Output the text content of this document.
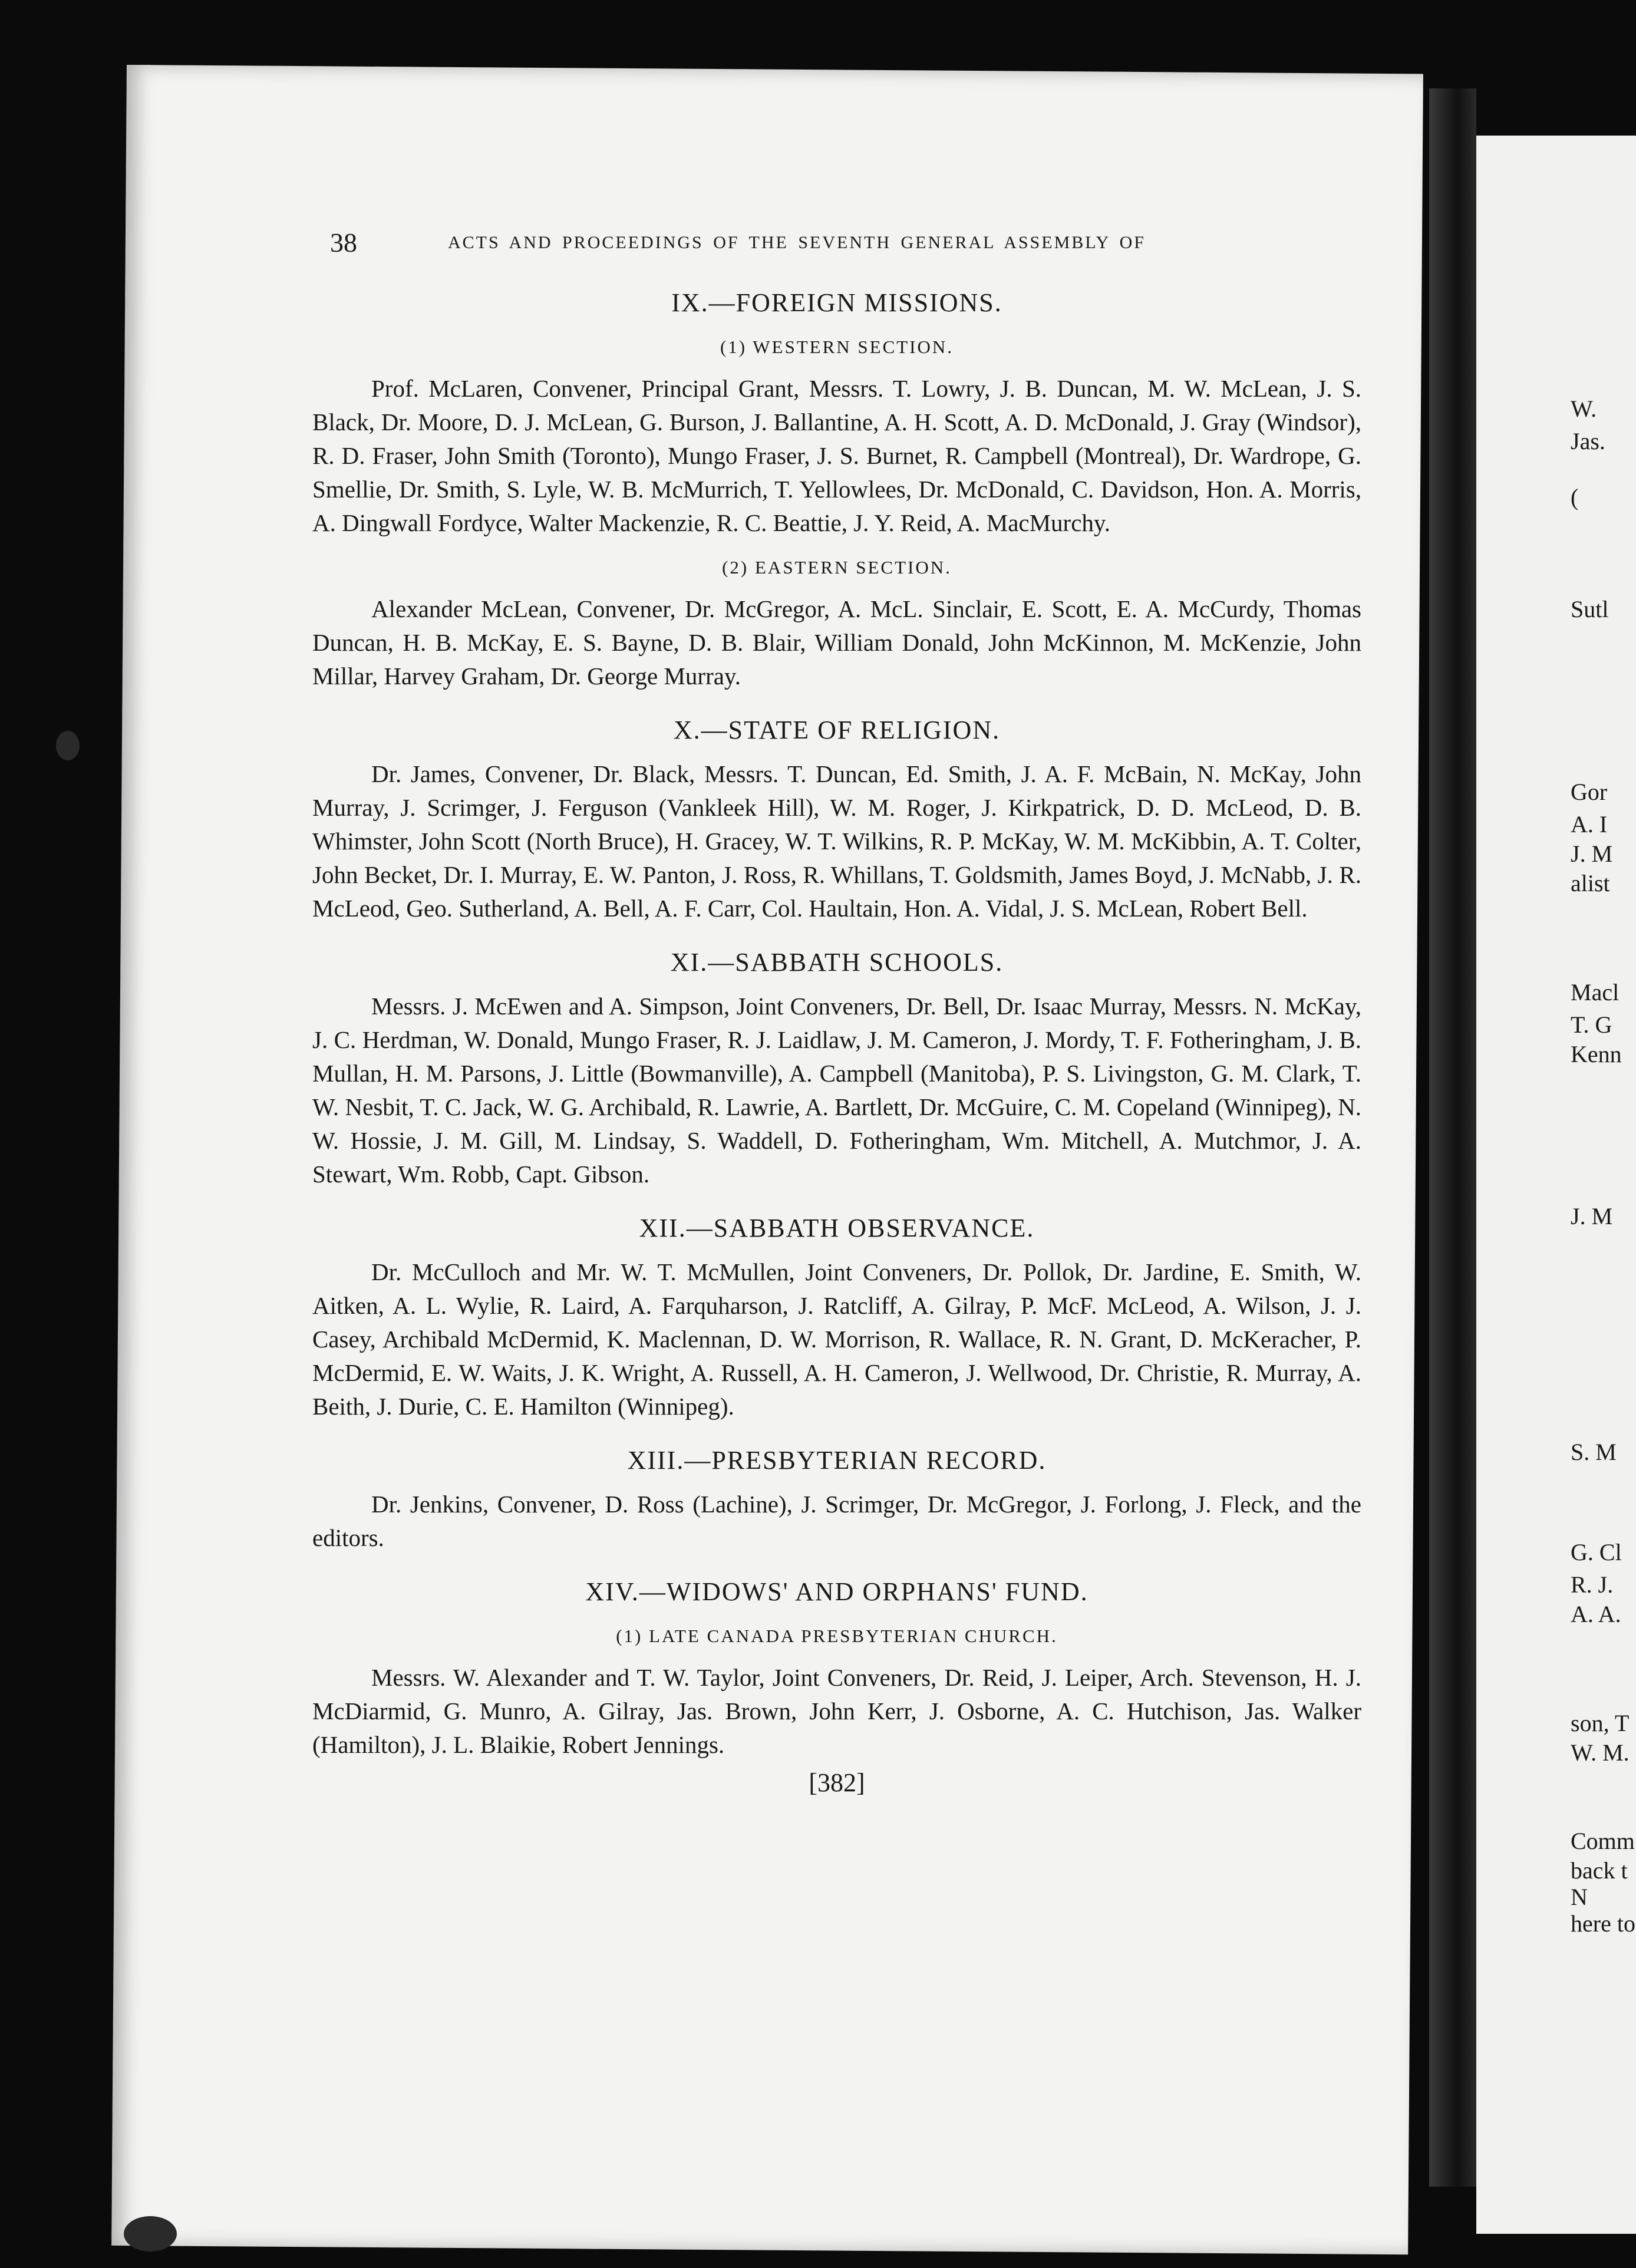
W.
Jas.
(
Sutl
Gor
A. I
J. M
alist
Macl
T. G
Kenn
J. M
S. M
G. Cl
R. J.
A. A.
son, T
W. M.
Comm
back t
N
here to
38	ACTS AND PROCEEDINGS OF THE SEVENTH GENERAL ASSEMBLY OF
IX.—FOREIGN MISSIONS.
(1) WESTERN SECTION.

Prof. McLaren, Convener, Principal Grant, Messrs. T. Lowry, J. B. Duncan, M. W. McLean, J. S. Black, Dr. Moore, D. J. McLean, G. Burson, J. Ballantine, A. H. Scott, A. D. McDonald, J. Gray (Windsor), R. D. Fraser, John Smith (Toronto), Mungo Fraser, J. S. Burnet, R. Campbell (Montreal), Dr. Wardrope, G. Smellie, Dr. Smith, S. Lyle, W. B. McMurrich, T. Yellowlees, Dr. McDonald, C. Davidson, Hon. A. Morris, A. Dingwall Fordyce, Walter Mackenzie, R. C. Beattie, J. Y. Reid, A. MacMurchy.

(2) EASTERN SECTION.

Alexander McLean, Convener, Dr. McGregor, A. McL. Sinclair, E. Scott, E. A. McCurdy, Thomas Duncan, H. B. McKay, E. S. Bayne, D. B. Blair, William Donald, John McKinnon, M. McKenzie, John Millar, Harvey Graham, Dr. George Murray.

X.—STATE OF RELIGION.

Dr. James, Convener, Dr. Black, Messrs. T. Duncan, Ed. Smith, J. A. F. McBain, N. McKay, John Murray, J. Scrimger, J. Ferguson (Vankleek Hill), W. M. Roger, J. Kirkpatrick, D. D. McLeod, D. B. Whimster, John Scott (North Bruce), H. Gracey, W. T. Wilkins, R. P. McKay, W. M. McKibbin, A. T. Colter, John Becket, Dr. I. Murray, E. W. Panton, J. Ross, R. Whillans, T. Goldsmith, James Boyd, J. McNabb, J. R. McLeod, Geo. Sutherland, A. Bell, A. F. Carr, Col. Haultain, Hon. A. Vidal, J. S. McLean, Robert Bell.

XI.—SABBATH SCHOOLS.

Messrs. J. McEwen and A. Simpson, Joint Conveners, Dr. Bell, Dr. Isaac Murray, Messrs. N. McKay, J. C. Herdman, W. Donald, Mungo Fraser, R. J. Laidlaw, J. M. Cameron, J. Mordy, T. F. Fotheringham, J. B. Mullan, H. M. Parsons, J. Little (Bowmanville), A. Campbell (Manitoba), P. S. Livingston, G. M. Clark, T. W. Nesbit, T. C. Jack, W. G. Archibald, R. Lawrie, A. Bartlett, Dr. McGuire, C. M. Copeland (Winnipeg), N. W. Hossie, J. M. Gill, M. Lindsay, S. Waddell, D. Fotheringham, Wm. Mitchell, A. Mutchmor, J. A. Stewart, Wm. Robb, Capt. Gibson.

XII.—SABBATH OBSERVANCE.

Dr. McCulloch and Mr. W. T. McMullen, Joint Conveners, Dr. Pollok, Dr. Jardine, E. Smith, W. Aitken, A. L. Wylie, R. Laird, A. Farquharson, J. Ratcliff, A. Gilray, P. McF. McLeod, A. Wilson, J. J. Casey, Archibald McDermid, K. Maclennan, D. W. Morrison, R. Wallace, R. N. Grant, D. McKeracher, P. McDermid, E. W. Waits, J. K. Wright, A. Russell, A. H. Cameron, J. Wellwood, Dr. Christie, R. Murray, A. Beith, J. Durie, C. E. Hamilton (Winnipeg).

XIII.—PRESBYTERIAN RECORD.

Dr. Jenkins, Convener, D. Ross (Lachine), J. Scrimger, Dr. McGregor, J. Forlong, J. Fleck, and the editors.

XIV.—WIDOWS' AND ORPHANS' FUND.
(1) LATE CANADA PRESBYTERIAN CHURCH.

Messrs. W. Alexander and T. W. Taylor, Joint Conveners, Dr. Reid, J. Leiper, Arch. Stevenson, H. J. McDiarmid, G. Munro, A. Gilray, Jas. Brown, John Kerr, J. Osborne, A. C. Hutchison, Jas. Walker (Hamilton), J. L. Blaikie, Robert Jennings.

[382]
